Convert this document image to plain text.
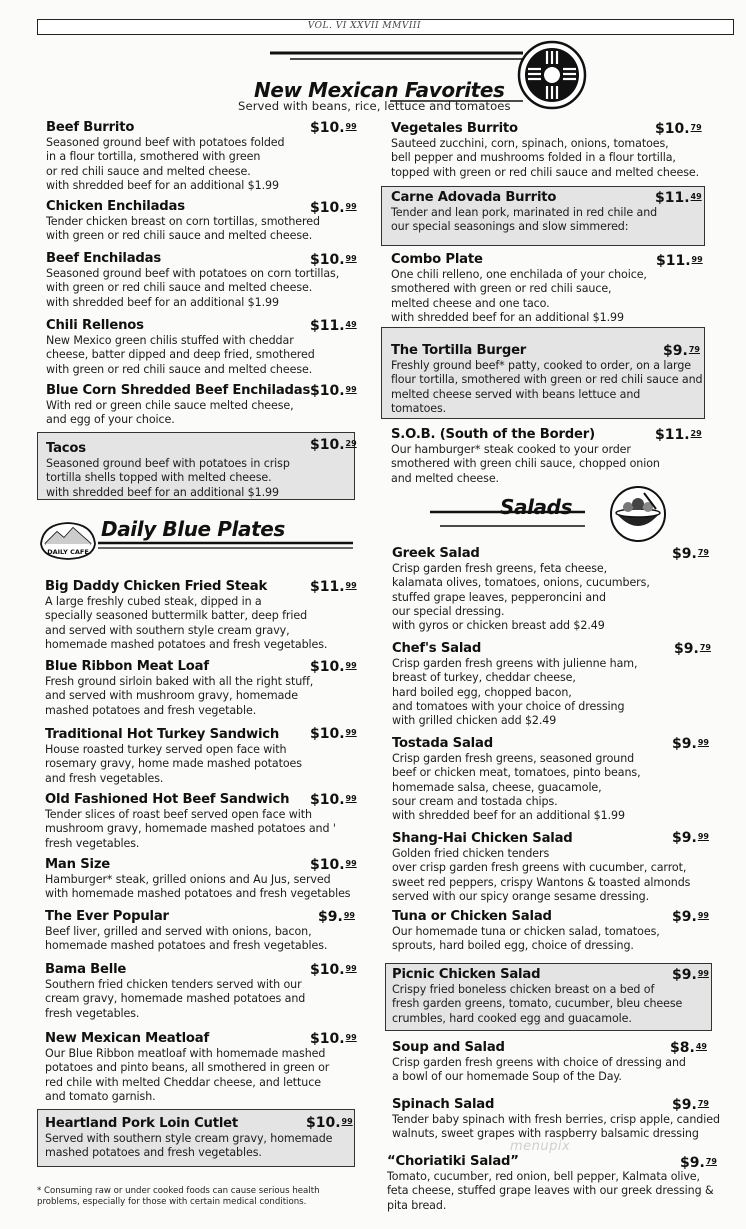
VOL. VI XXVII MMVIII
New Mexican Favorites
Served with beans, rice, lettuce and tomatoes
Beef Burrito
Seasoned ground beef with potatoes folded
in a flour tortilla, smothered with green
or red chili sauce and melted cheese.
with shredded beef for an additional $1.99
$10.99
Chicken Enchiladas
Tender chicken breast on corn tortillas, smothered
with green or red chili sauce and melted cheese.
$10.99
Beef Enchiladas
Seasoned ground beef with potatoes on corn tortillas,
with green or red chili sauce and melted cheese.
with shredded beef for an additional $1.99
$10.99
Chili Rellenos
New Mexico green chilis stuffed with cheddar
cheese, batter dipped and deep fried, smothered
with green or red chili sauce and melted cheese.
$11.49
Blue Corn Shredded Beef Enchiladas
With red or green chile sauce melted cheese,
and egg of your choice.
$10.99
Tacos
Seasoned ground beef with potatoes in crisp
tortilla shells topped with melted cheese.
with shredded beef for an additional $1.99
$10.29
Vegetales Burrito
Sauteed zucchini, corn, spinach, onions, tomatoes,
bell pepper and mushrooms folded in a flour tortilla,
topped with green or red chili sauce and melted cheese.
$10.79
Carne Adovada Burrito
Tender and lean pork, marinated in red chile and
our special seasonings and slow simmered:
$11.49
Combo Plate
One chili relleno, one enchilada of your choice,
smothered with green or red chili sauce,
melted cheese and one taco.
with shredded beef for an additional $1.99
$11.99
The Tortilla Burger
Freshly ground beef* patty, cooked to order, on a large
flour tortilla, smothered with green or red chili sauce and
melted cheese served with beans lettuce and
tomatoes.
$9.79
S.O.B. (South of the Border)
Our hamburger* steak cooked to your order
smothered with green chili sauce, chopped onion
and melted cheese.
$11.29
DAILY CAFE
Daily Blue Plates
Salads
Big Daddy Chicken Fried Steak
A large freshly cubed steak, dipped in a
specially seasoned buttermilk batter, deep fried
and served with southern style cream gravy,
homemade mashed potatoes and fresh vegetables.
$11.99
Blue Ribbon Meat Loaf
Fresh ground sirloin baked with all the right stuff,
and served with mushroom gravy, homemade
mashed potatoes and fresh vegetable.
$10.99
Traditional Hot Turkey Sandwich
House roasted turkey served open face with
rosemary gravy, home made mashed potatoes
and fresh vegetables.
$10.99
Old Fashioned Hot Beef Sandwich
Tender slices of roast beef served open face with
mushroom gravy, homemade mashed potatoes and '
fresh vegetables.
$10.99
Man Size
Hamburger* steak, grilled onions and Au Jus, served
with homemade mashed potatoes and fresh vegetables
$10.99
The Ever Popular
Beef liver, grilled and served with onions, bacon,
homemade mashed potatoes and fresh vegetables.
$9.99
Bama Belle
Southern fried chicken tenders served with our
cream gravy, homemade mashed potatoes and
fresh vegetables.
$10.99
New Mexican Meatloaf
Our Blue Ribbon meatloaf with homemade mashed
potatoes and pinto beans, all smothered in green or
red chile with melted Cheddar cheese, and lettuce
and tomato garnish.
$10.99
Heartland Pork Loin Cutlet
Served with southern style cream gravy, homemade
mashed potatoes and fresh vegetables.
$10.99
Greek Salad
Crisp garden fresh greens, feta cheese,
kalamata olives, tomatoes, onions, cucumbers,
stuffed grape leaves, pepperoncini and
our special dressing.
with gyros or chicken breast add $2.49
$9.79
Chef's Salad
Crisp garden fresh greens with julienne ham,
breast of turkey, cheddar cheese,
hard boiled egg, chopped bacon,
and tomatoes with your choice of dressing
with grilled chicken add $2.49
$9.79
Tostada Salad
Crisp garden fresh greens, seasoned ground
beef or chicken meat, tomatoes, pinto beans,
homemade salsa, cheese, guacamole,
sour cream and tostada chips.
with shredded beef for an additional $1.99
$9.99
Shang-Hai Chicken Salad
Golden fried chicken tenders
over crisp garden fresh greens with cucumber, carrot,
sweet red peppers, crispy Wantons & toasted almonds
served with our spicy orange sesame dressing.
$9.99
Tuna or Chicken Salad
Our homemade tuna or chicken salad, tomatoes,
sprouts, hard boiled egg, choice of dressing.
$9.99
Picnic Chicken Salad
Crispy fried boneless chicken breast on a bed of
fresh garden greens, tomato, cucumber, bleu cheese
crumbles, hard cooked egg and guacamole.
$9.99
Soup and Salad
Crisp garden fresh greens with choice of dressing and
a bowl of our homemade Soup of the Day.
$8.49
Spinach Salad
Tender baby spinach with fresh berries, crisp apple, candied
walnuts, sweet grapes with raspberry balsamic dressing
$9.79
“Choriatiki Salad”
Tomato, cucumber, red onion, bell pepper, Kalmata olive,
feta cheese, stuffed grape leaves with our greek dressing &
pita bread.
$9.79
menupix
* Consuming raw or under cooked foods can cause serious health
problems, especially for those with certain medical conditions.
